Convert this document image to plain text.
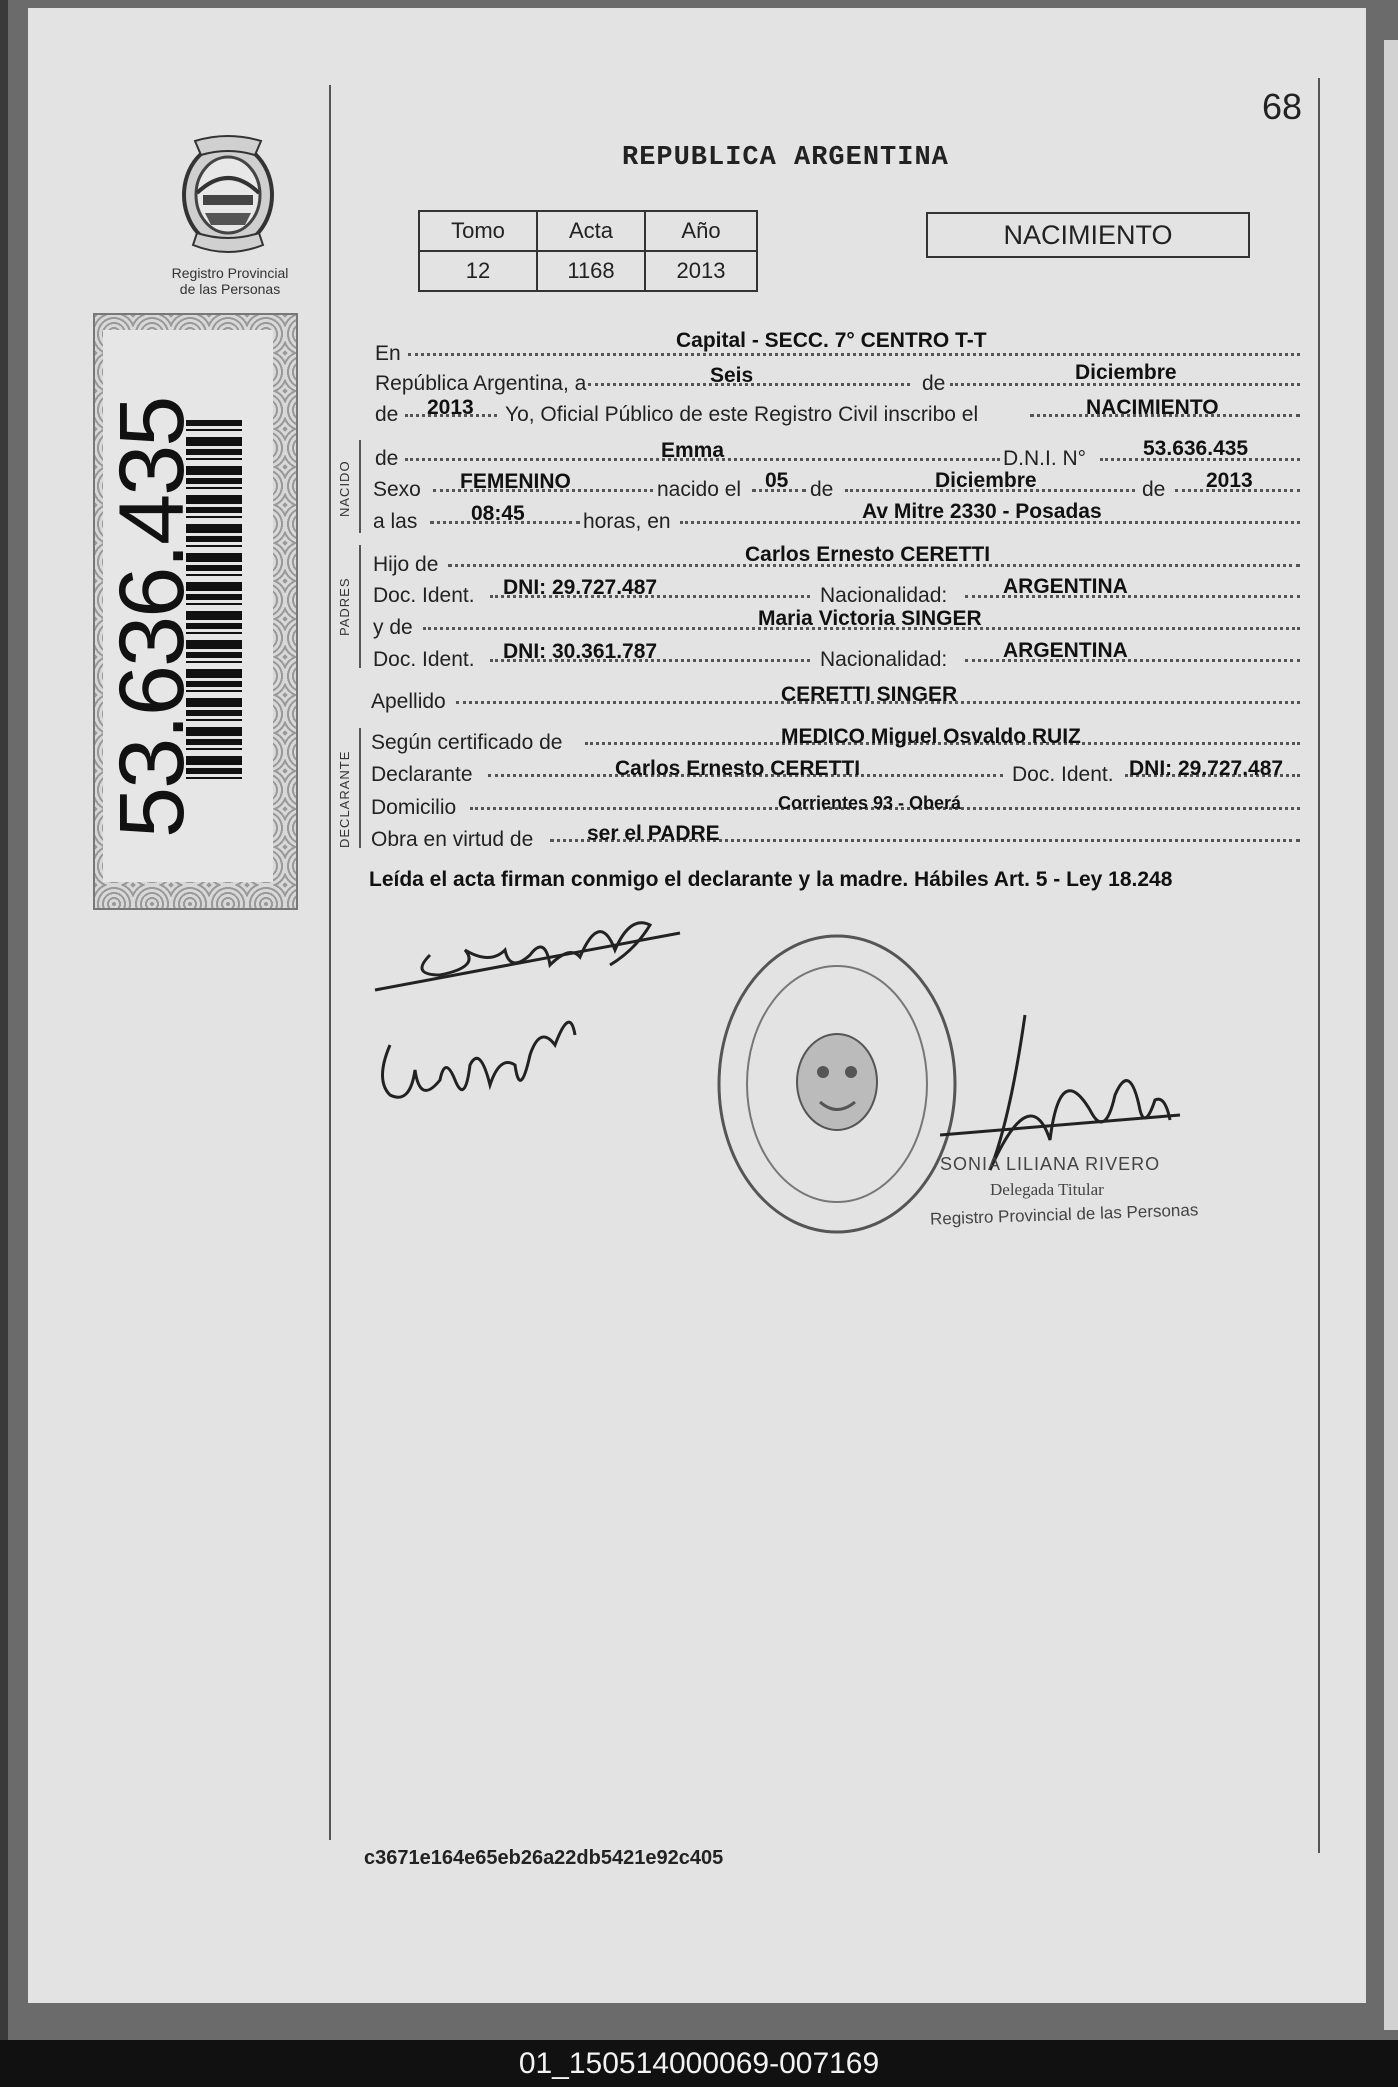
Registro Provincial
de las Personas
53.636.435
68
REPUBLICA ARGENTINA
Tomo	Acta	Año
12	1168	2013
NACIMIENTO
En
Capital - SECC. 7° CENTRO T-T
República Argentina, a	Seis	de	Diciembre
de 2013 Yo, Oficial Público de este Registro Civil inscribo el	NACIMIENTO
NACIDO
de	Emma	D.N.I. N°	53.636.435
Sexo FEMENINO	nacido el 05 de	Diciembre	de 2013
a las	08:45	horas, en	Av Mitre 2330 - Posadas
PADRES
Hijo de	Carlos Ernesto CERETTI
Doc. Ident. DNI: 29.727.487	Nacionalidad:	ARGENTINA
y de	Maria Victoria SINGER
Doc. Ident. DNI: 30.361.787	Nacionalidad:	ARGENTINA
Apellido	CERETTI SINGER
DECLARANTE
Según certificado de	MEDICO Miguel Osvaldo RUIZ
Declarante	Carlos Ernesto CERETTI	Doc. Ident. DNI: 29.727.487
Domicilio	Corrientes 93 - Oberá
Obra en virtud de	ser el PADRE
Leída el acta firman conmigo el declarante y la madre. Hábiles Art. 5 - Ley 18.248
SONIA LILIANA RIVERO
Delegada Titular
Registro Provincial de las Personas
c3671e164e65eb26a22db5421e92c405
01_150514000069-007169
